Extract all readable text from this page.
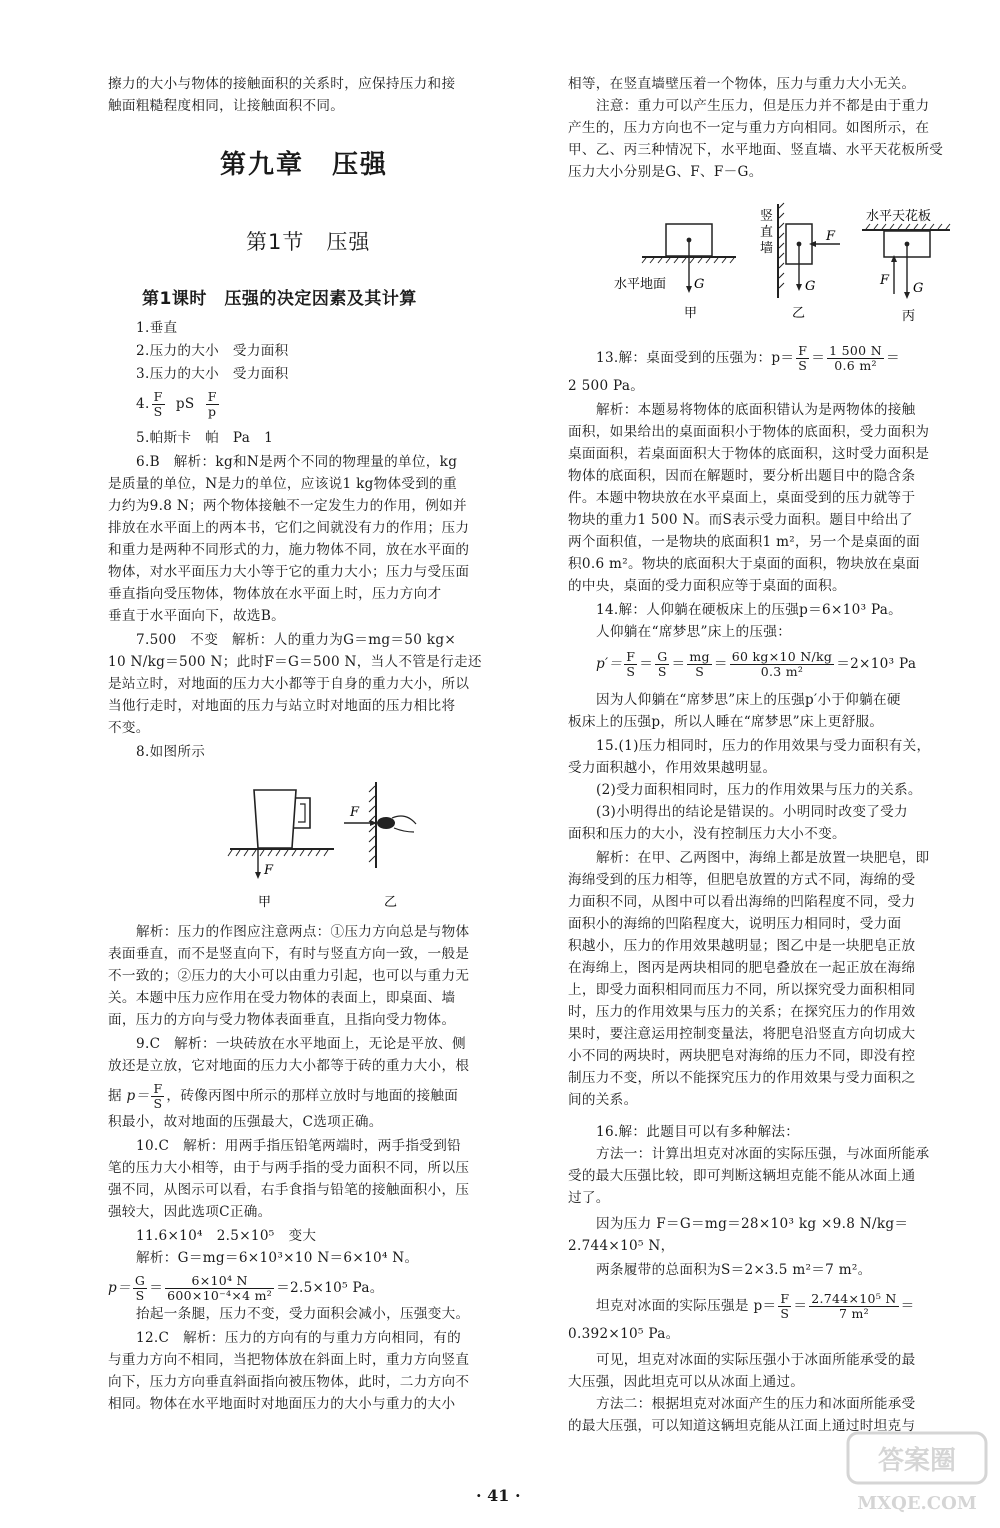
擦力的大小与物体的接触面积的关系时，应保持压力和接
触面粗糙程度相同，让接触面积不同。
第九章　压强
第1节　压强
第1课时　压强的决定因素及其计算
1.垂直
2.压力的大小　受力面积
3.压力的大小　受力面积
4. $\frac{F}{S}$ pS $\frac{F}{p}$
5.帕斯卡　帕　Pa　1
6.B　解析：kg和N是两个不同的物理量的单位，kg
是质量的单位，N是力的单位，应该说1 kg物体受到的重
力约为9.8 N；两个物体接触不一定发生力的作用，例如并
排放在水平面上的两本书，它们之间就没有力的作用；压力
和重力是两种不同形式的力，施力物体不同，放在水平面的
物体，对水平面压力大小等于它的重力大小；压力与受压面
垂直指向受压物体，物体放在水平面上时，压力方向才
垂直于水平面向下，故选B。
7.500　不变　解析：人的重力为G＝mg＝50 kg×
10 N/kg＝500 N；此时F＝G＝500 N，当人不管是行走还
是站立时，对地面的压力大小都等于自身的重力大小，所以
当他行走时，对地面的压力与站立时对地面的压力相比将
不变。
8.如图所示
F
甲
F
乙
解析：压力的作图应注意两点：①压力方向总是与物体
表面垂直，而不是竖直向下，有时与竖直方向一致，一般是
不一致的；②压力的大小可以由重力引起，也可以与重力无
关。本题中压力应作用在受力物体的表面上，即桌面、墙
面，压力的方向与受力物体表面垂直，且指向受力物体。
9.C　解析：一块砖放在水平地面上，无论是平放、侧
放还是立放，它对地面的压力大小都等于砖的重力大小，根
据 $p= \frac{F}{S}$ ，砖像丙图中所示的那样立放时与地面的接触面
积最小，故对地面的压强最大，C选项正确。
10.C　解析：用两手指压铅笔两端时，两手指受到铅
笔的压力大小相等，由于与两手指的受力面积不同，所以压
强不同，从图示可以看，右手食指与铅笔的接触面积小，压
强较大，因此选项C正确。
11.6×10⁴　2.5×10⁵　变大
解析：G＝mg＝6×10³×10 N＝6×10⁴ N。
$p= \frac{G}{S} = \frac{\text{6×10⁴ N}}{\text{600×10⁻⁴×4 m²}} =2.5\times 10^5$ Pa。
抬起一条腿，压力不变，受力面积会减小，压强变大。
12.C　解析：压力的方向有的与重力方向相同，有的
与重力方向不相同，当把物体放在斜面上时，重力方向竖直
向下，压力方向垂直斜面指向被压物体，此时，二力方向不
相同。物体在水平地面时对地面压力的大小与重力的大小
相等，在竖直墙壁压着一个物体，压力与重力大小无关。
注意：重力可以产生压力，但是压力并不都是由于重力
产生的，压力方向也不一定与重力方向相同。如图所示，在
甲、乙、丙三种情况下，水平地面、竖直墙、水平天花板所受
压力大小分别是G、F、F－G。
水平地面 G
甲
竖
直
墙
F
G
乙
水平天花板
F
G
丙
13.解：桌面受到的压强为：$p= \frac{F}{S} = \frac{1 500 N}{\text{0.6 m²}}$ ＝
2 500 Pa。
解析：本题易将物体的底面积错认为是两物体的接触
面积，如果给出的桌面面积小于物体的底面积，受力面积为
桌面面积，若桌面面积大于物体的底面积，这时受力面积是
物体的底面积，因而在解题时，要分析出题目中的隐含条
件。本题中物块放在水平桌面上，桌面受到的压力就等于
物块的重力1 500 N。而S表示受力面积。题目中给出了
两个面积值，一是物块的底面积1 m²，另一个是桌面的面
积0.6 m²。物块的底面积大于桌面的面积，物块放在桌面
的中央，桌面的受力面积应等于桌面的面积。
14.解：人仰躺在硬板床上的压强p＝6×10³ Pa。
人仰躺在“席梦思”床上的压强：
$p'= \frac{F}{S} = \frac{G}{S} = \frac{mg}{S} = \frac{60 kg\times 10 N/kg}{\text{0.3 m²}} =2\times 10^3$ Pa
因为人仰躺在“席梦思”床上的压强p′小于仰躺在硬
板床上的压强p，所以人睡在“席梦思”床上更舒服。
15.(1)压力相同时，压力的作用效果与受力面积有关，
受力面积越小，作用效果越明显。
(2)受力面积相同时，压力的作用效果与压力的关系。
(3)小明得出的结论是错误的。小明同时改变了受力
面积和压力的大小，没有控制压力大小不变。
解析：在甲、乙两图中，海绵上都是放置一块肥皂，即
海绵受到的压力相等，但肥皂放置的方式不同，海绵的受
力面积不同，从图中可以看出海绵的凹陷程度不同，受力
面积小的海绵的凹陷程度大，说明压力相同时，受力面
积越小，压力的作用效果越明显；图乙中是一块肥皂正放
在海绵上，图丙是两块相同的肥皂叠放在一起正放在海绵
上，即受力面积相同而压力不同，所以探究受力面积相同
时，压力的作用效果与压力的关系；在探究压力的作用效
果时，要注意运用控制变量法，将肥皂沿竖直方向切成大
小不同的两块时，两块肥皂对海绵的压力不同，即没有控
制压力不变，所以不能探究压力的作用效果与受力面积之
间的关系。
16.解：此题目可以有多种解法：
方法一：计算出坦克对冰面的实际压强，与冰面所能承
受的最大压强比较，即可判断这辆坦克能不能从冰面上通
过了。
因为压力 F＝G＝mg＝28×10³ kg ×9.8 N/kg＝
2.744×10⁵ N，
两条履带的总面积为S＝2×3.5 m²＝7 m²。
坦克对冰面的实际压强是 $p= \frac{F}{S} = \frac{\text{2.744×10⁵ N}}{\text{7 m²}}$ ＝
0.392×10⁵ Pa。
可见，坦克对冰面的实际压强小于冰面所能承受的最
大压强，因此坦克可以从冰面上通过。
方法二：根据坦克对冰面产生的压力和冰面所能承受
的最大压强，可以知道这辆坦克能从江面上通过时坦克与
· 41 ·
答案圈
MXQE.COM
